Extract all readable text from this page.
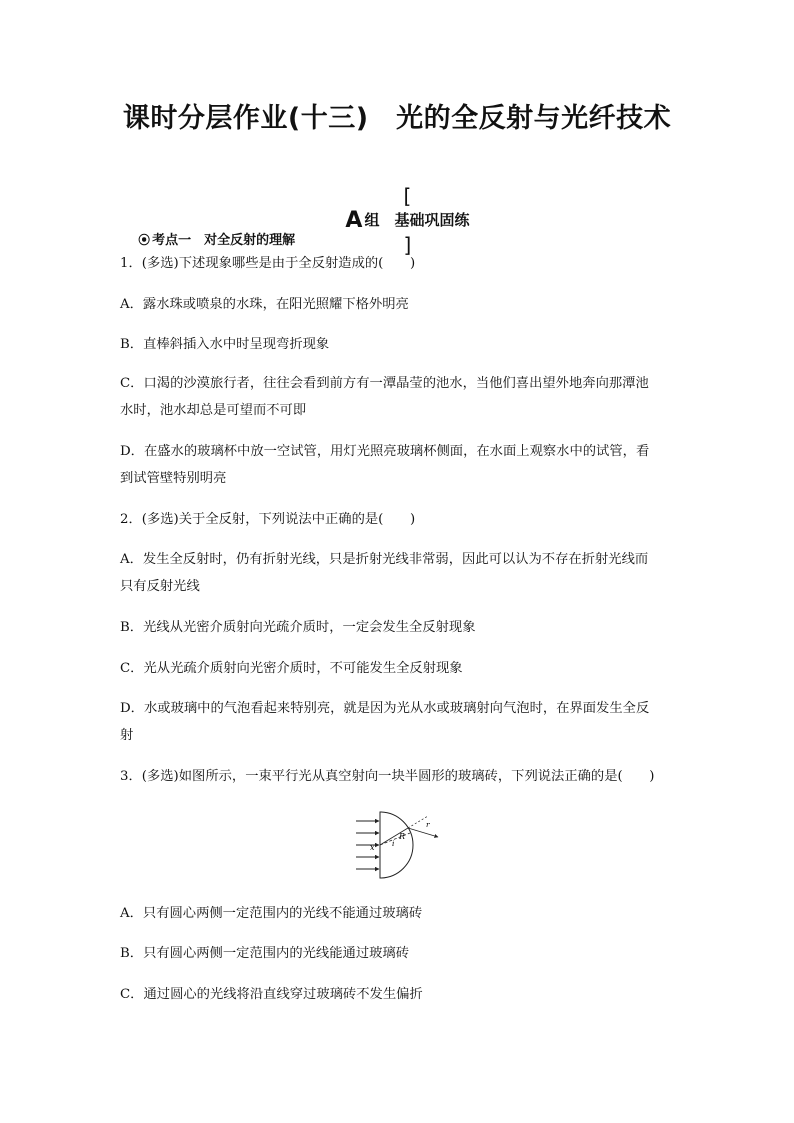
课时分层作业(十三)　光的全反射与光纤技术

[
A 组　基础巩固练
]

⦿ 考点一　对全反射的理解

1．(多选)下述现象哪些是由于全反射造成的(　　)
A．露水珠或喷泉的水珠，在阳光照耀下格外明亮
B．直棒斜插入水中时呈现弯折现象
C．口渴的沙漠旅行者，往往会看到前方有一潭晶莹的池水，当他们喜出望外地奔向那潭池
水时，池水却总是可望而不可即
D．在盛水的玻璃杯中放一空试管，用灯光照亮玻璃杯侧面，在水面上观察水中的试管，看
到试管壁特别明亮
2．(多选)关于全反射，下列说法中正确的是(　　)
A．发生全反射时，仍有折射光线，只是折射光线非常弱，因此可以认为不存在折射光线而
只有反射光线
B．光线从光密介质射向光疏介质时，一定会发生全反射现象
C．光从光疏介质射向光密介质时，不可能发生全反射现象
D．水或玻璃中的气泡看起来特别亮，就是因为光从水或玻璃射向气泡时，在界面发生全反
射
3．(多选)如图所示，一束平行光从真空射向一块半圆形的玻璃砖，下列说法正确的是(　　)
x i
R
r
A．只有圆心两侧一定范围内的光线不能通过玻璃砖
B．只有圆心两侧一定范围内的光线能通过玻璃砖
C．通过圆心的光线将沿直线穿过玻璃砖不发生偏折
